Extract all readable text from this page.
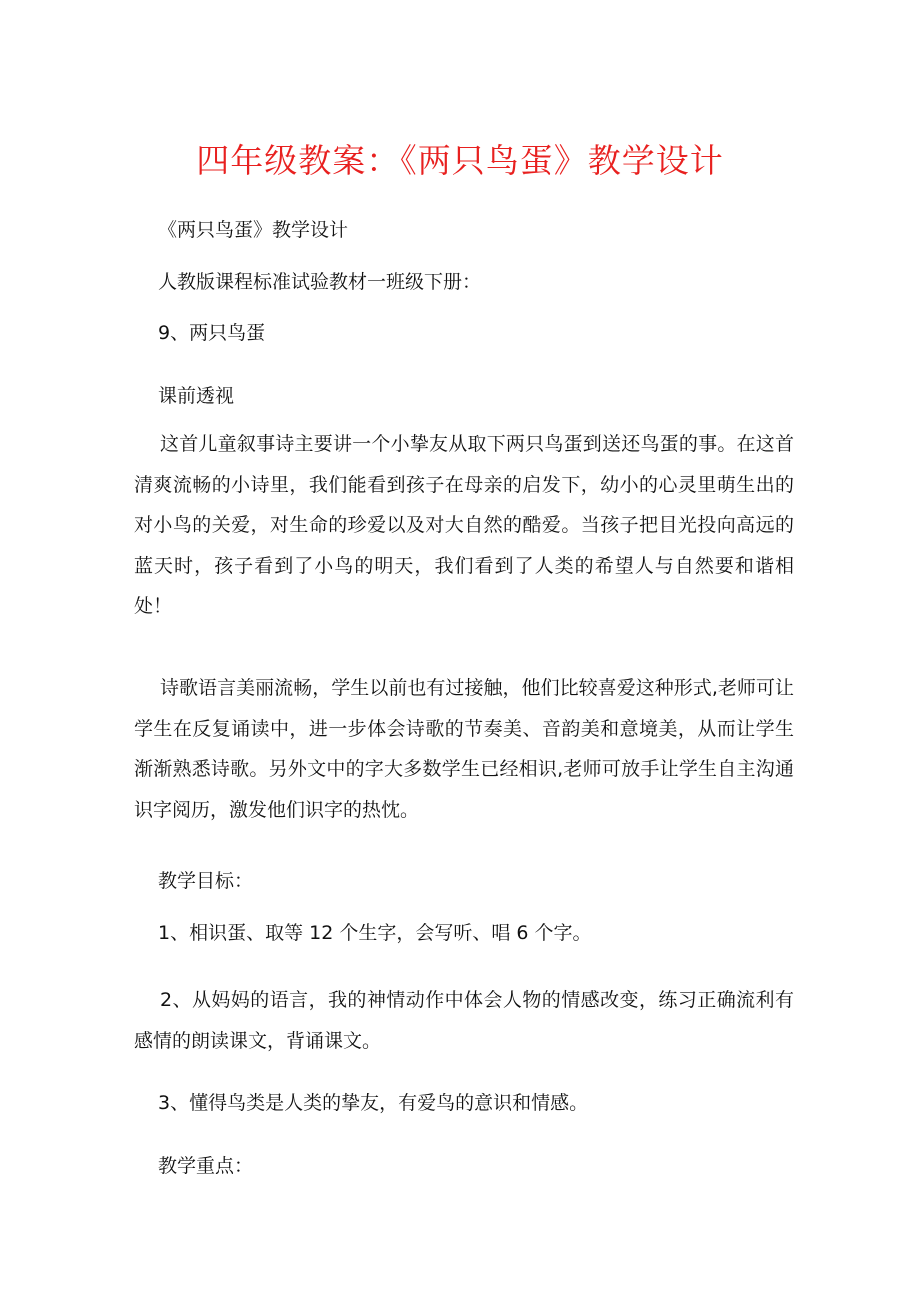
四年级教案：《两只鸟蛋》教学设计
《两只鸟蛋》教学设计
人教版课程标准试验教材一班级下册：
9、两只鸟蛋
课前透视
这首儿童叙事诗主要讲一个小挚友从取下两只鸟蛋到送还鸟蛋的事。在这首清爽流畅的小诗里，我们能看到孩子在母亲的启发下，幼小的心灵里萌生出的对小鸟的关爱，对生命的珍爱以及对大自然的酷爱。当孩子把目光投向高远的蓝天时，孩子看到了小鸟的明天，我们看到了人类的希望人与自然要和谐相处！
诗歌语言美丽流畅，学生以前也有过接触，他们比较喜爱这种形式,老师可让学生在反复诵读中，进一步体会诗歌的节奏美、音韵美和意境美，从而让学生渐渐熟悉诗歌。另外文中的字大多数学生已经相识,老师可放手让学生自主沟通识字阅历，激发他们识字的热忱。
教学目标：
1、相识蛋、取等 12 个生字，会写听、唱 6 个字。
2、从妈妈的语言，我的神情动作中体会人物的情感改变，练习正确流利有感情的朗读课文，背诵课文。
3、懂得鸟类是人类的挚友，有爱鸟的意识和情感。
教学重点：
